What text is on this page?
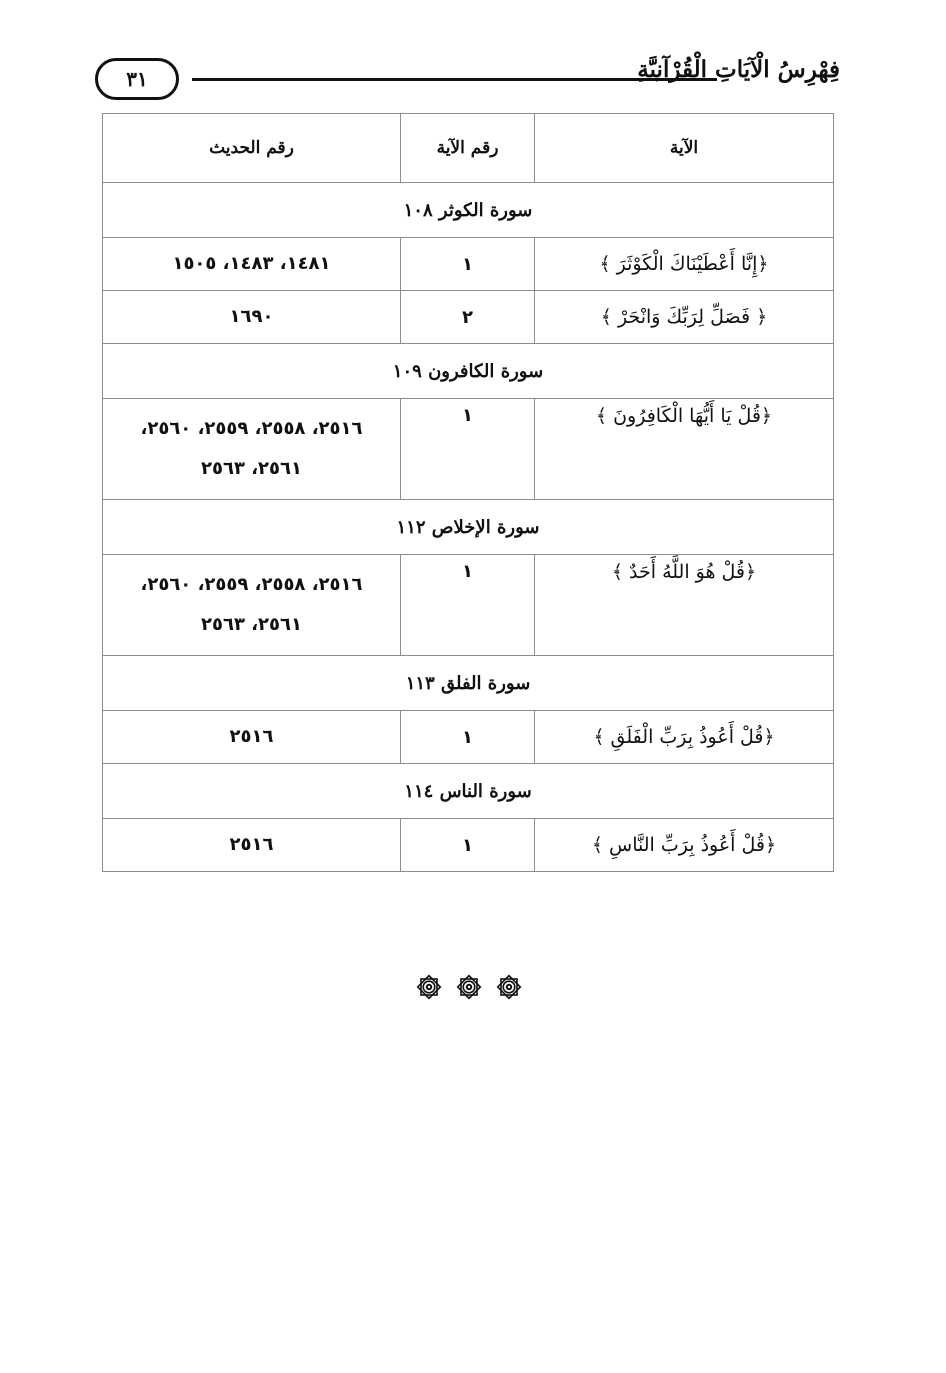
٣١	فِهْرِسُ الْآيَاتِ الْقُرْآنِيَّةِ
الآية	رقم الآية	رقم الحديث
سورة الكوثر ١٠٨		
﴿إِنَّا أَعْطَيْنَاكَ الْكَوْثَرَ ﴾	١	١٤٨١، ١٤٨٣، ١٥٠٥
﴿ فَصَلِّ لِرَبِّكَ وَانْحَرْ ﴾	٢	١٦٩٠
سورة الكافرون ١٠٩		
﴿قُلْ يَا أَيُّهَا الْكَافِرُونَ ﴾	١	٢٥١٦، ٢٥٥٨، ٢٥٥٩، ٢٥٦٠، ٢٥٦١، ٢٥٦٣
سورة الإخلاص ١١٢		
﴿قُلْ هُوَ اللَّهُ أَحَدٌ ﴾	١	٢٥١٦، ٢٥٥٨، ٢٥٥٩، ٢٥٦٠، ٢٥٦١، ٢٥٦٣
سورة الفلق ١١٣		
﴿قُلْ أَعُوذُ بِرَبِّ الْفَلَقِ ﴾	١	٢٥١٦
سورة الناس ١١٤		
﴿قُلْ أَعُوذُ بِرَبِّ النَّاسِ ﴾	١	٢٥١٦
